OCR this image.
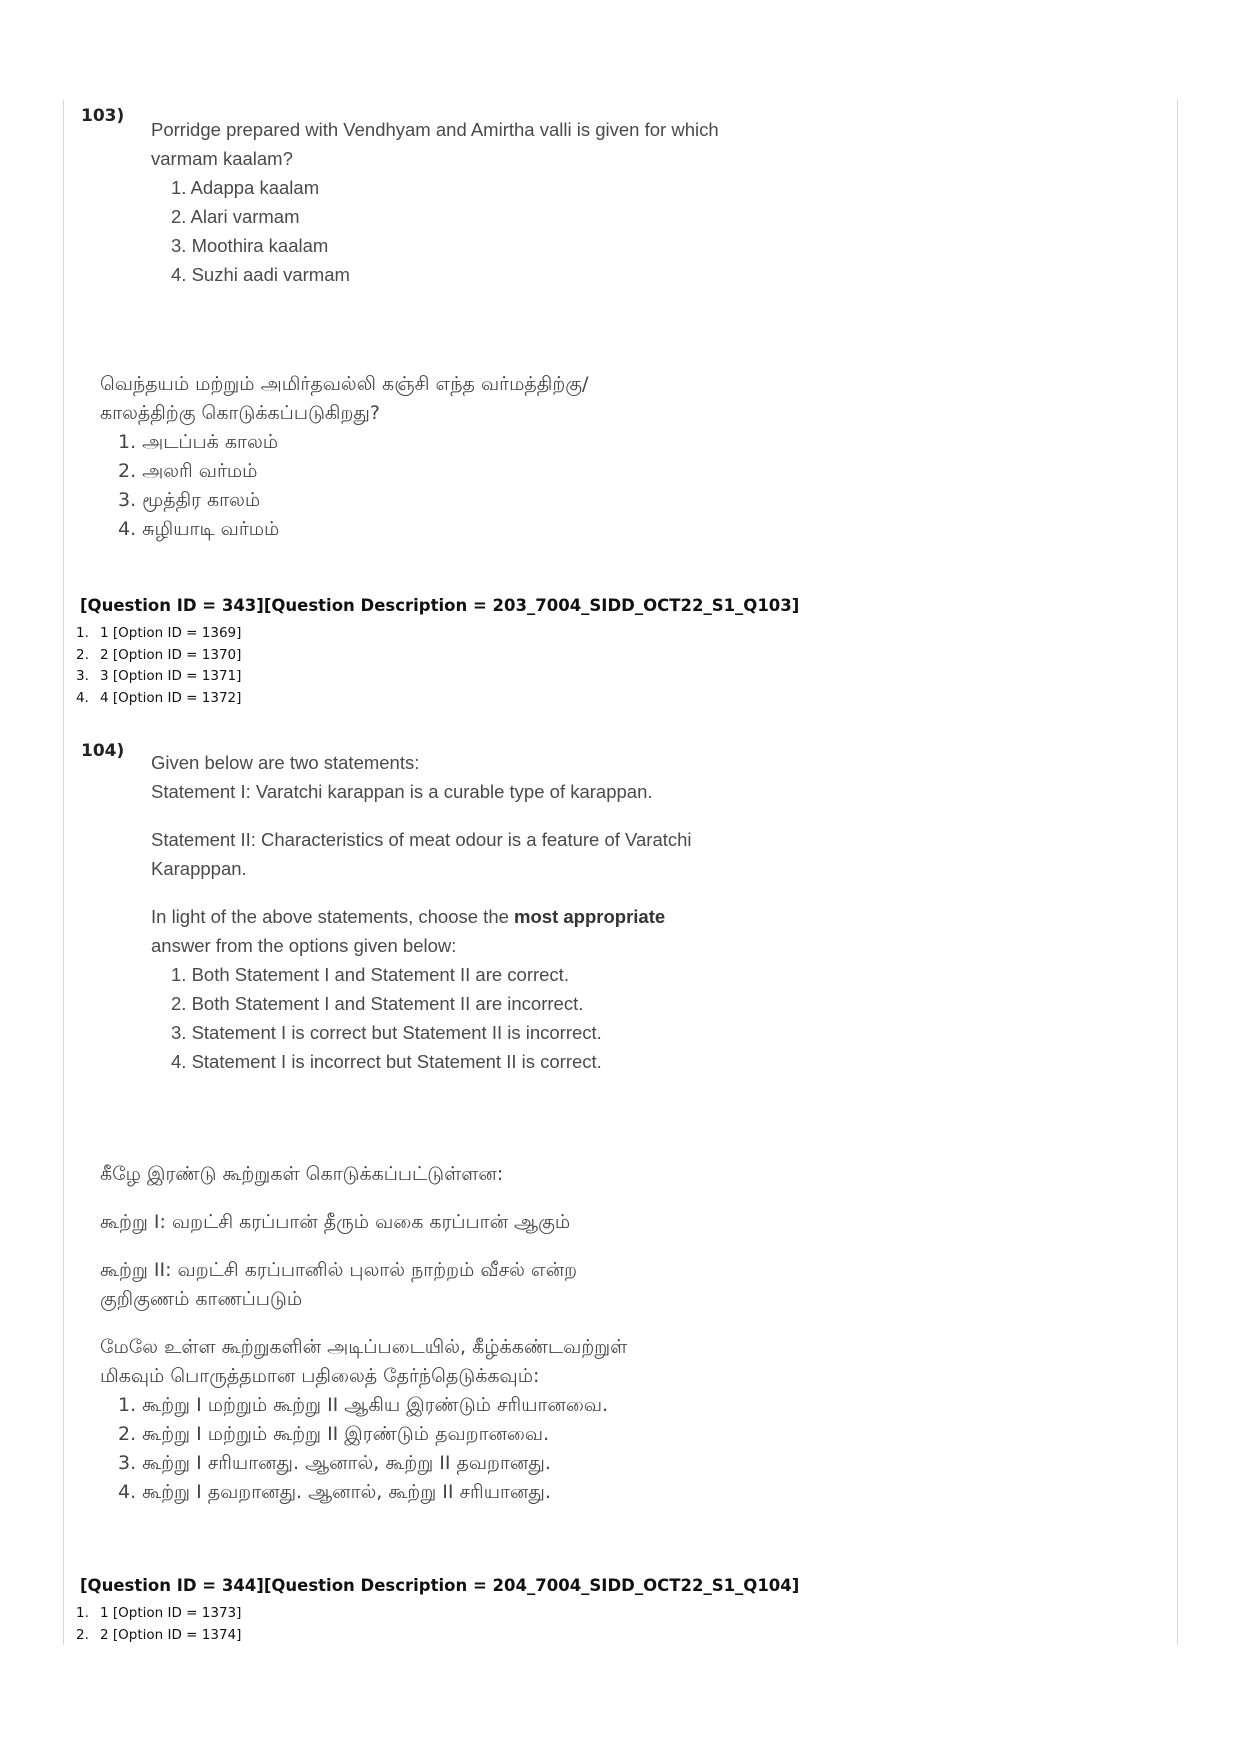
103)

Porridge prepared with Vendhyam and Amirtha valli is given for which

varmam kaalam?

1. Adappa kaalam
2. Alari varmam
3. Moothira kaalam
4. Suzhi aadi varmam

வெந்தயம் மற்றும் அமிர்தவல்லி கஞ்சி எந்த வர்மத்திற்கு/

காலத்திற்கு கொடுக்கப்படுகிறது?

1. அடப்பக் காலம்
2. அலரி வர்மம்
3. மூத்திர காலம்
4. சுழியாடி வர்மம்
[Question ID = 343][Question Description = 203_7004_SIDD_OCT22_S1_Q103]
1. 1 [Option ID = 1369]
2. 2 [Option ID = 1370]
3. 3 [Option ID = 1371]
4. 4 [Option ID = 1372]
104)

Given below are two statements:

Statement I: Varatchi karappan is a curable type of karappan.

Statement II: Characteristics of meat odour is a feature of Varatchi

Karapppan.

In light of the above statements, choose the most appropriate

answer from the options given below:

1. Both Statement I and Statement II are correct.
2. Both Statement I and Statement II are incorrect.
3. Statement I is correct but Statement II is incorrect.
4. Statement I is incorrect but Statement II is correct.

கீழே இரண்டு கூற்றுகள் கொடுக்கப்பட்டுள்ளன:

கூற்று I: வறட்சி கரப்பான் தீரும் வகை கரப்பான் ஆகும்

கூற்று II: வறட்சி கரப்பானில் புலால் நாற்றம் வீசல் என்ற

குறிகுணம் காணப்படும்

மேலே உள்ள கூற்றுகளின் அடிப்படையில், கீழ்க்கண்டவற்றுள்

மிகவும் பொருத்தமான பதிலைத் தேர்ந்தெடுக்கவும்:

1. கூற்று I மற்றும் கூற்று II ஆகிய இரண்டும் சரியானவை.
2. கூற்று I மற்றும் கூற்று II இரண்டும் தவறானவை.
3. கூற்று I சரியானது. ஆனால், கூற்று II தவறானது.
4. கூற்று I தவறானது. ஆனால், கூற்று II சரியானது.
[Question ID = 344][Question Description = 204_7004_SIDD_OCT22_S1_Q104]
1. 1 [Option ID = 1373]
2. 2 [Option ID = 1374]
